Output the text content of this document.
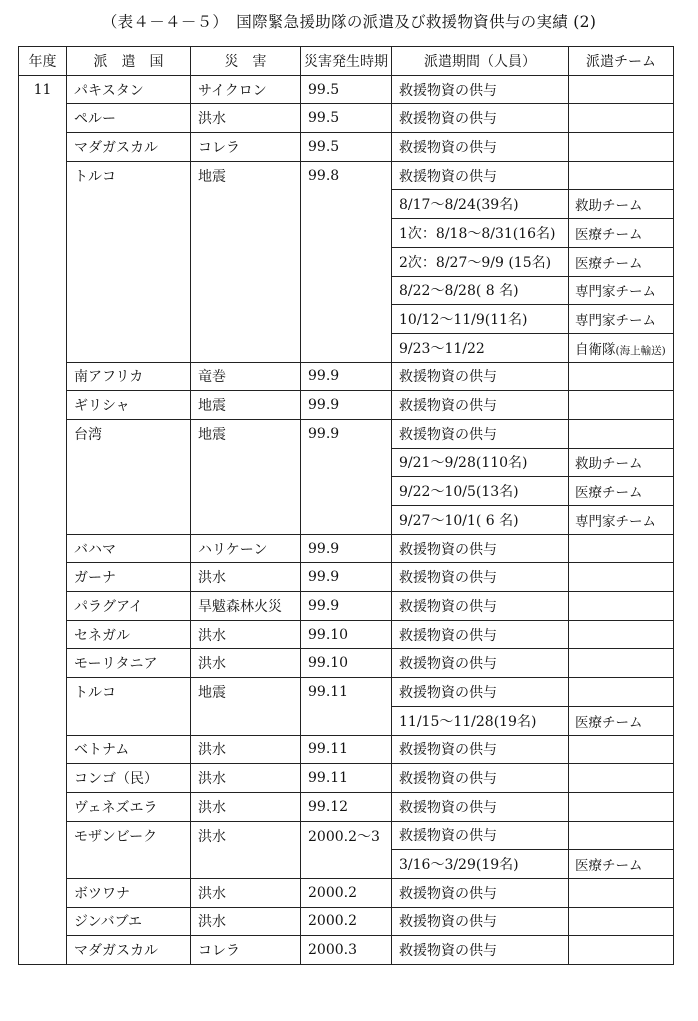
（表４－４－５）　国際緊急援助隊の派遣及び救援物資供与の実績 (2)
年度	派　遣　国	災　害	災害発生時期	派遣期間（人員）	派遣チーム
11	パキスタン	サイクロン	99.5	救援物資の供与	
	ペルー	洪水	99.5	救援物資の供与	
	マダガスカル	コレラ	99.5	救援物資の供与	
	トルコ	地震	99.8	救援物資の供与	
				8/17～8/24(39名)	救助チーム
				1次：8/18～8/31(16名)	医療チーム
				2次：8/27～9/9 (15名)	医療チーム
				8/22～8/28( 8 名)	専門家チーム
				10/12～11/9(11名)	専門家チーム
				9/23～11/22	自衛隊(海上輸送)
	南アフリカ	竜巻	99.9	救援物資の供与	
	ギリシャ	地震	99.9	救援物資の供与	
	台湾	地震	99.9	救援物資の供与	
				9/21～9/28(110名)	救助チーム
				9/22～10/5(13名)	医療チーム
				9/27～10/1( 6 名)	専門家チーム
	バハマ	ハリケーン	99.9	救援物資の供与	
	ガーナ	洪水	99.9	救援物資の供与	
	パラグアイ	旱魃森林火災	99.9	救援物資の供与	
	セネガル	洪水	99.10	救援物資の供与	
	モーリタニア	洪水	99.10	救援物資の供与	
	トルコ	地震	99.11	救援物資の供与	
				11/15～11/28(19名)	医療チーム
	ベトナム	洪水	99.11	救援物資の供与	
	コンゴ（民）	洪水	99.11	救援物資の供与	
	ヴェネズエラ	洪水	99.12	救援物資の供与	
	モザンビーク	洪水	2000.2～3	救援物資の供与	
				3/16～3/29(19名)	医療チーム
	ボツワナ	洪水	2000.2	救援物資の供与	
	ジンバブエ	洪水	2000.2	救援物資の供与	
	マダガスカル	コレラ	2000.3	救援物資の供与	
